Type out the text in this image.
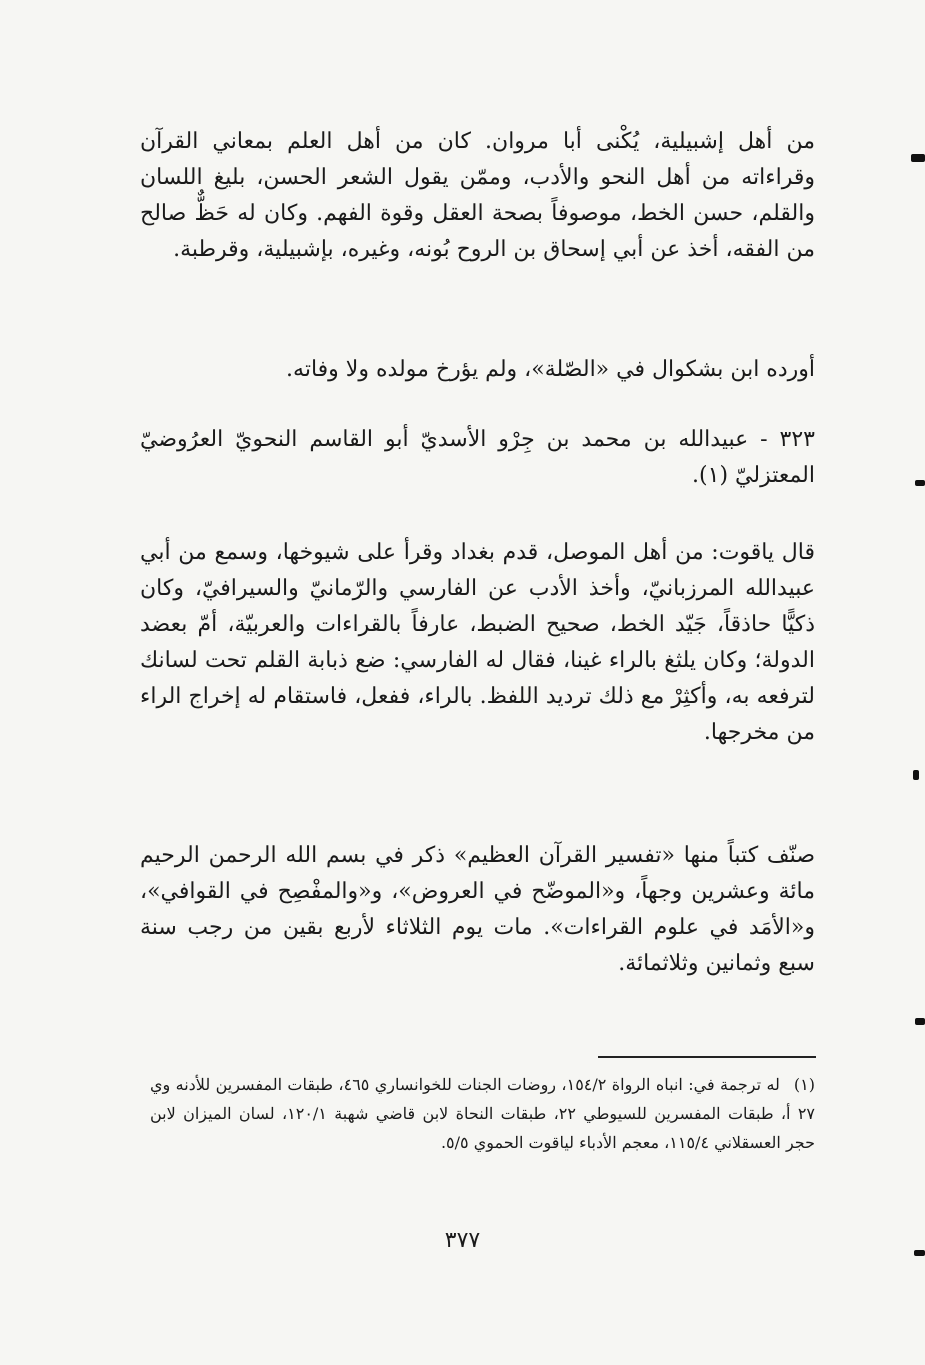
من أهل إشبيلية، يُكْنى أبا مروان. كان من أهل العلم بمعاني القرآن وقراءاته من أهل النحو والأدب، وممّن يقول الشعر الحسن، بليغ اللسان والقلم، حسن الخط، موصوفاً بصحة العقل وقوة الفهم. وكان له حَظٌّ صالح من الفقه، أخذ عن أبي إسحاق بن الروح بُونه، وغيره، بإشبيلية، وقرطبة.

أورده ابن بشكوال في «الصّلة»، ولم يؤرخ مولده ولا وفاته.

٣٢٣ - عبيدالله بن محمد بن جِرْو الأسديّ أبو القاسم النحويّ العرُوضيّ المعتزليّ (١).

قال ياقوت: من أهل الموصل، قدم بغداد وقرأ على شيوخها، وسمع من أبي عبيدالله المرزبانيّ، وأخذ الأدب عن الفارسي والرّمانيّ والسيرافيّ، وكان ذكيًّا حاذقاً، جَيّد الخط، صحيح الضبط، عارفاً بالقراءات والعربيّة، أمّ بعضد الدولة؛ وكان يلثغ بالراء غينا، فقال له الفارسي: ضع ذبابة القلم تحت لسانك لترفعه به، وأكثِرْ مع ذلك ترديد اللفظ. بالراء، ففعل، فاستقام له إخراج الراء من مخرجها.

صنّف كتباً منها «تفسير القرآن العظيم» ذكر في بسم الله الرحمن الرحيم مائة وعشرين وجهاً، و«الموضّح في العروض»، و«والمفْصِح في القوافي»، و«الأمَد في علوم القراءات». مات يوم الثلاثاء لأربع بقين من رجب سنة سبع وثمانين وثلاثمائة.

(١)له ترجمة في: انباه الرواة ١٥٤/٢، روضات الجنات للخوانساري ٤٦٥، طبقات المفسرين للأدنه وي ٢٧ أ، طبقات المفسرين للسيوطي ٢٢، طبقات النحاة لابن قاضي شهبة ١٢٠/١، لسان الميزان لابن حجر العسقلاني ١١٥/٤، معجم الأدباء لياقوت الحموي ٥/٥.

٣٧٧
